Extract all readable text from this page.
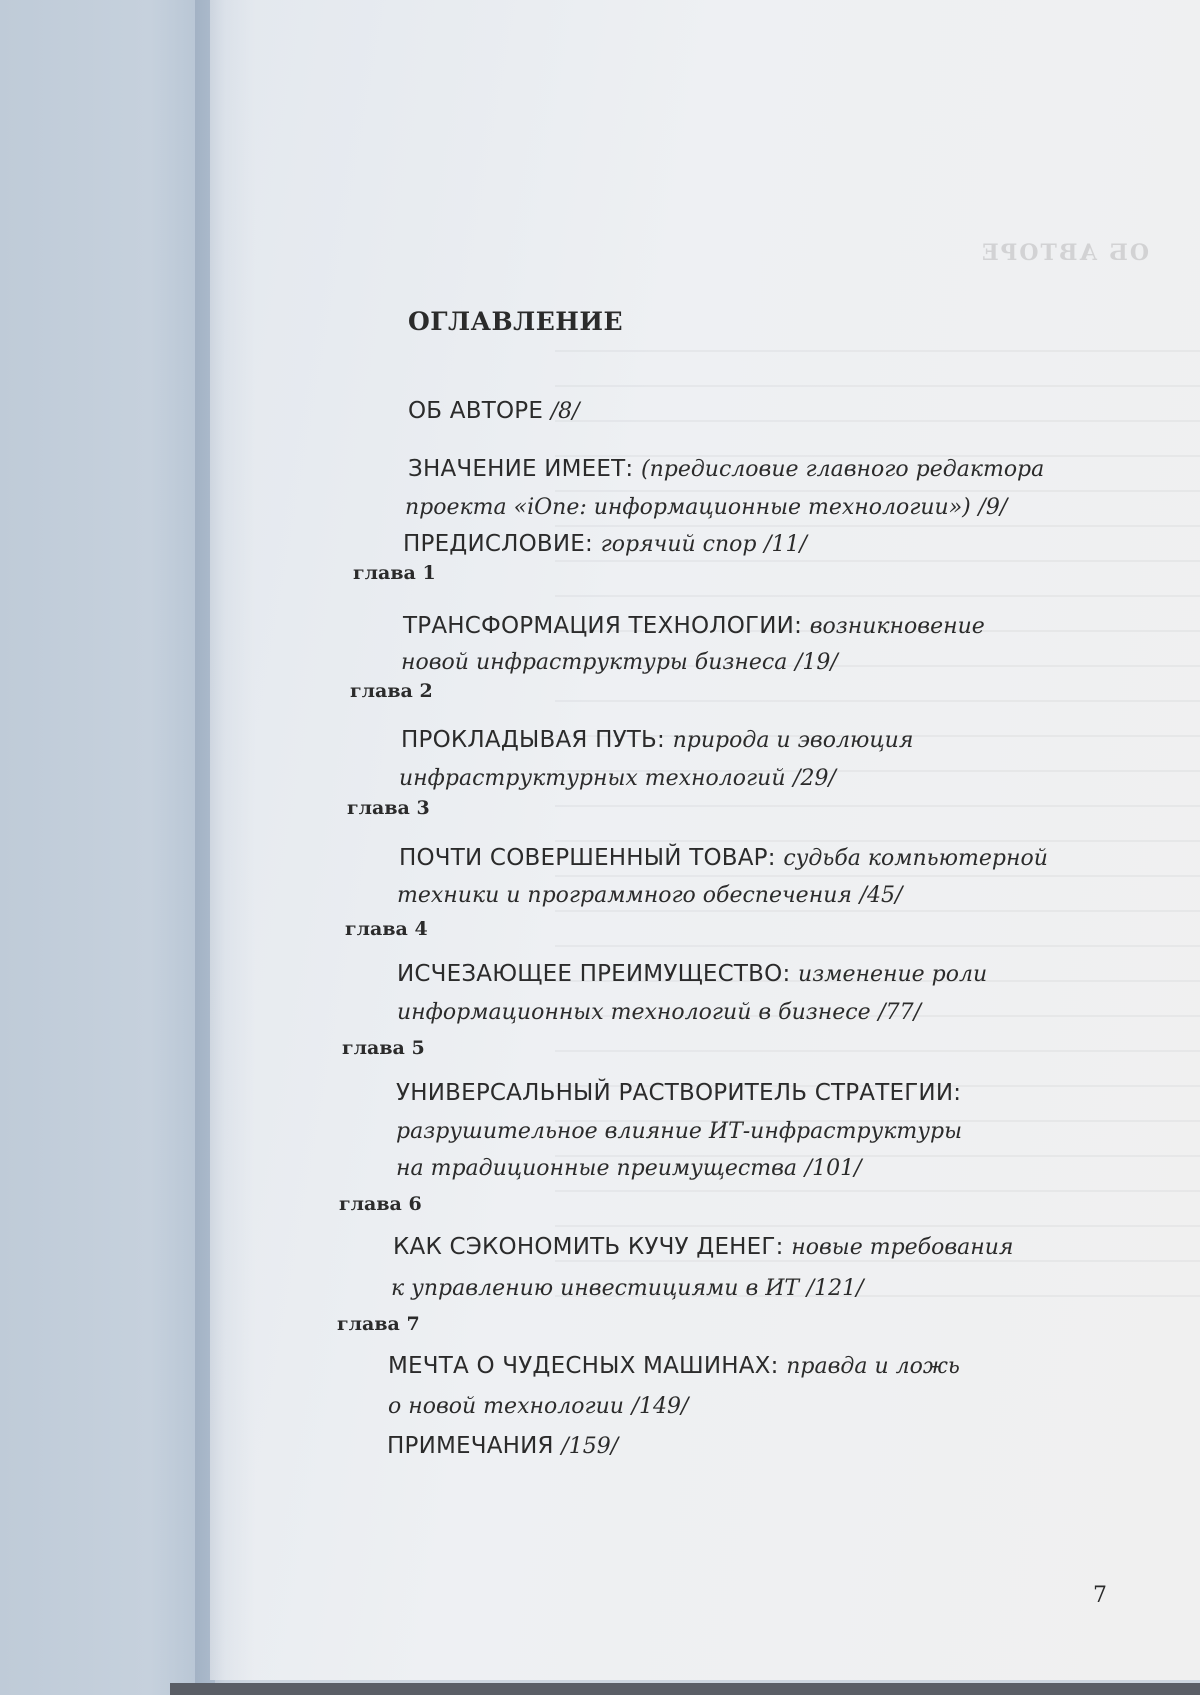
ОБ АВТОРЕ
ОГЛАВЛЕНИЕ
ОБ АВТОРЕ /8/
ЗНАЧЕНИЕ ИМЕЕТ: (предисловие главного редактора
проекта «iOne: информационные технологии») /9/
ПРЕДИСЛОВИЕ: горячий спор /11/
глава 1
ТРАНСФОРМАЦИЯ ТЕХНОЛОГИИ: возникновение
новой инфраструктуры бизнеса /19/
глава 2
ПРОКЛАДЫВАЯ ПУТЬ: природа и эволюция
инфраструктурных технологий /29/
глава 3
ПОЧТИ СОВЕРШЕННЫЙ ТОВАР: судьба компьютерной
техники и программного обеспечения /45/
глава 4
ИСЧЕЗАЮЩЕЕ ПРЕИМУЩЕСТВО: изменение роли
информационных технологий в бизнесе /77/
глава 5
УНИВЕРСАЛЬНЫЙ РАСТВОРИТЕЛЬ СТРАТЕГИИ:
разрушительное влияние ИТ-инфраструктуры
на традиционные преимущества /101/
глава 6
КАК СЭКОНОМИТЬ КУЧУ ДЕНЕГ: новые требования
к управлению инвестициями в ИТ /121/
глава 7
МЕЧТА О ЧУДЕСНЫХ МАШИНАХ: правда и ложь
о новой технологии /149/
ПРИМЕЧАНИЯ /159/
7
